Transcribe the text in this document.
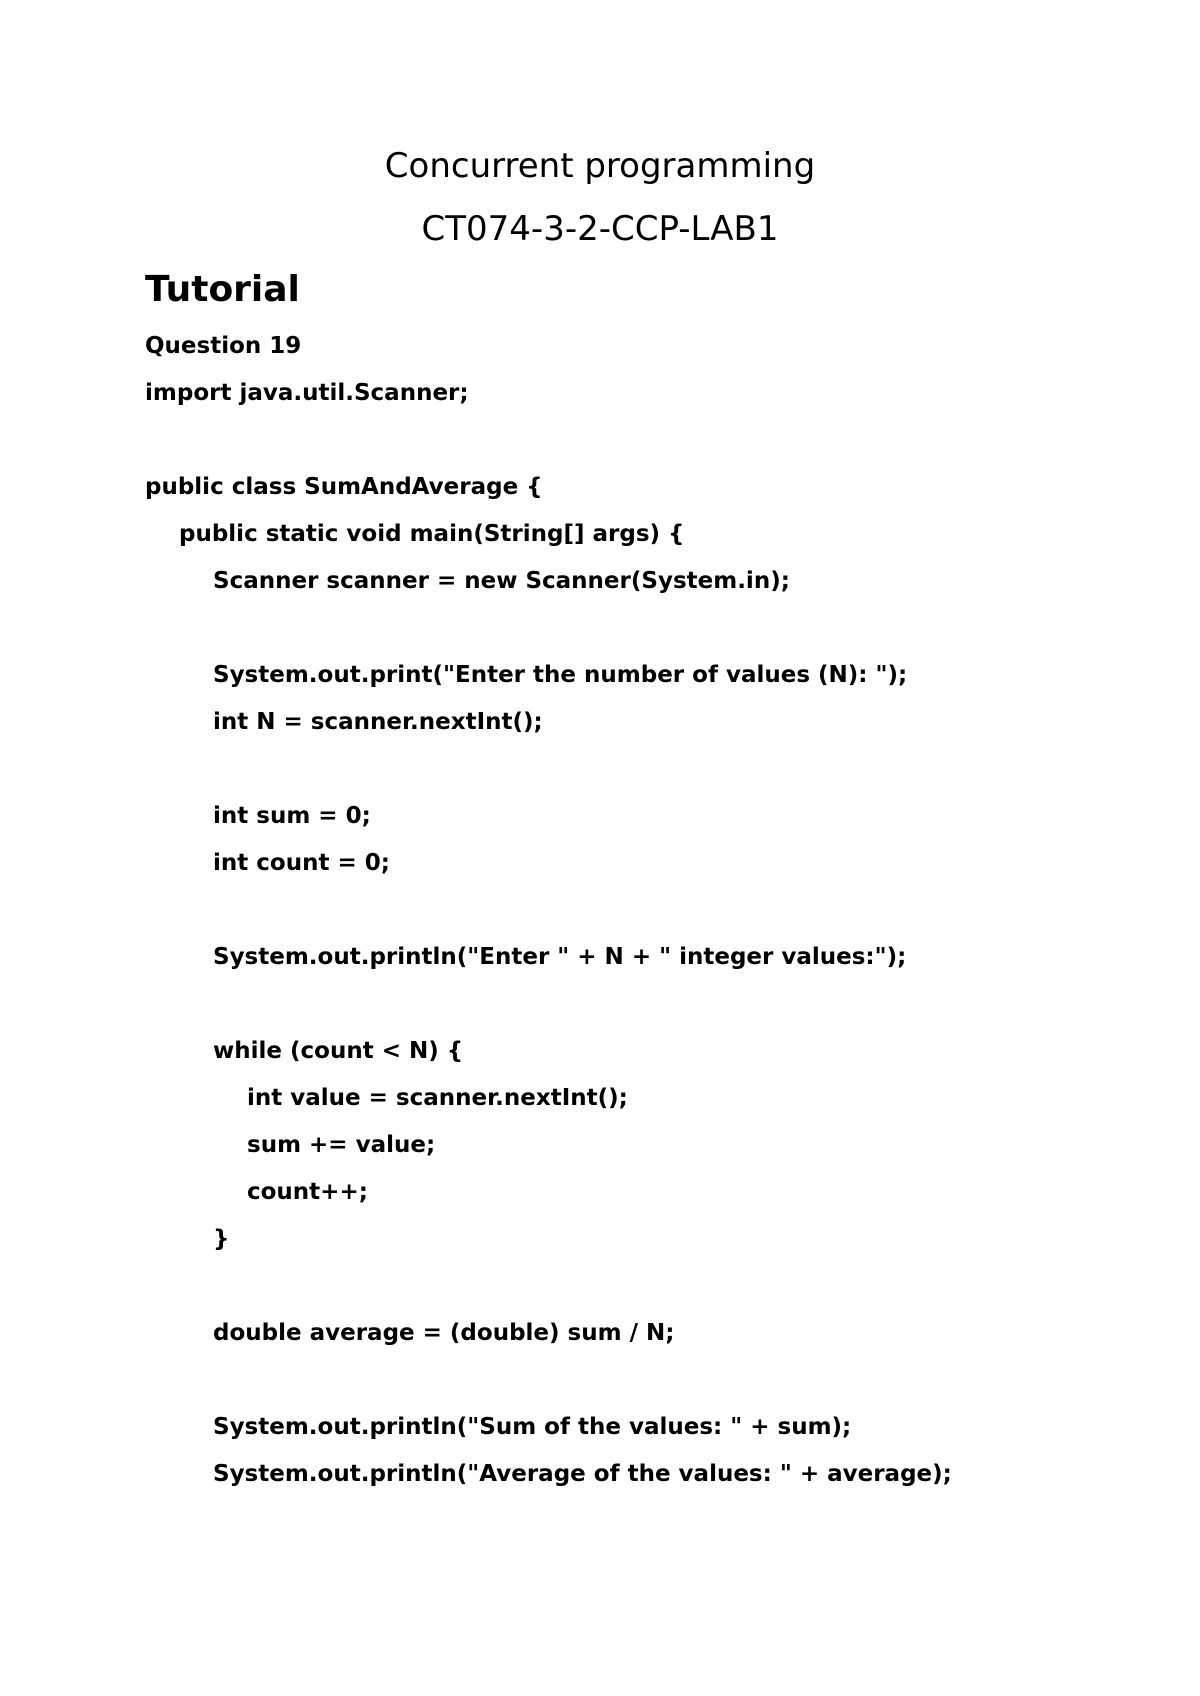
Concurrent programming
CT074-3-2-CCP-LAB1
Tutorial
Question 19
import java.util.Scanner;
public class SumAndAverage {
public static void main(String[] args) {
Scanner scanner = new Scanner(System.in);
System.out.print("Enter the number of values (N): ");
int N = scanner.nextInt();
int sum = 0;
int count = 0;
System.out.println("Enter " + N + " integer values:");
while (count < N) {
int value = scanner.nextInt();
sum += value;
count++;
}
double average = (double) sum / N;
System.out.println("Sum of the values: " + sum);
System.out.println("Average of the values: " + average);
